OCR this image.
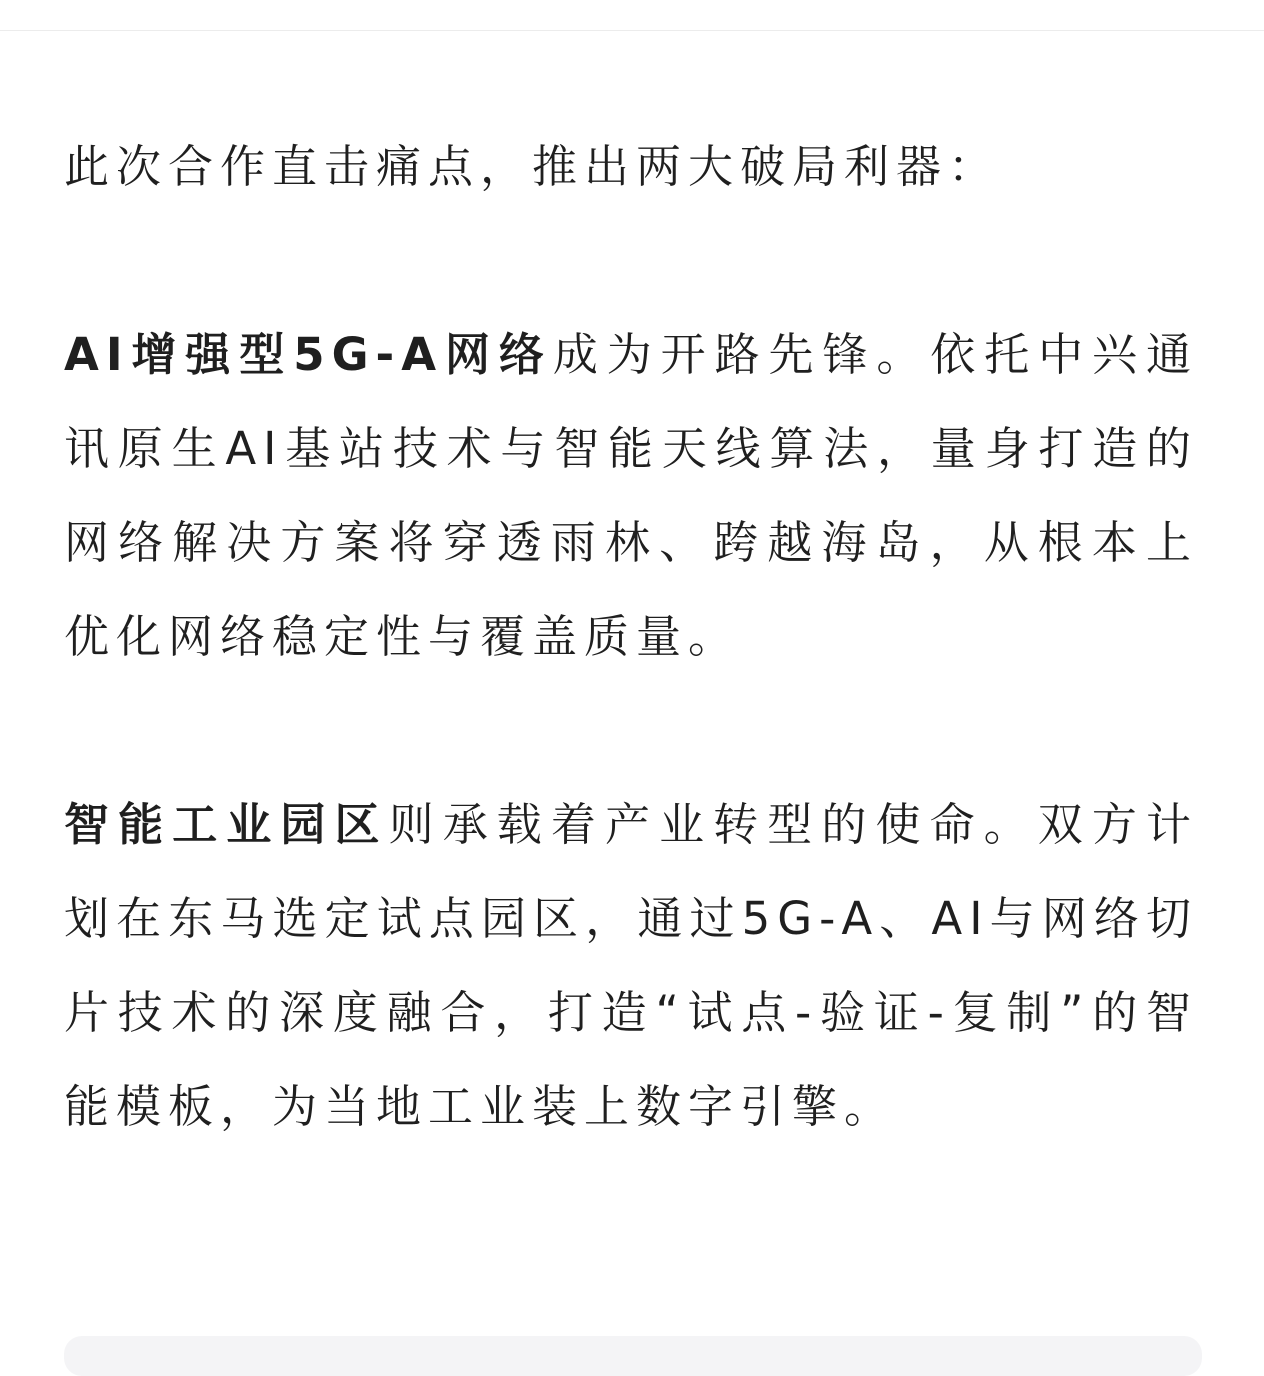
此次合作直击痛点，推出两大破局利器：

AI增强型5G-A网络成为开路先锋。依托中兴通讯原生AI基站技术与智能天线算法，量身打造的网络解决方案将穿透雨林、跨越海岛，从根本上优化网络稳定性与覆盖质量。

智能工业园区则承载着产业转型的使命。双方计划在东马选定试点园区，通过5G-A、AI与网络切片技术的深度融合，打造“试点-验证-复制”的智能模板，为当地工业装上数字引擎。
